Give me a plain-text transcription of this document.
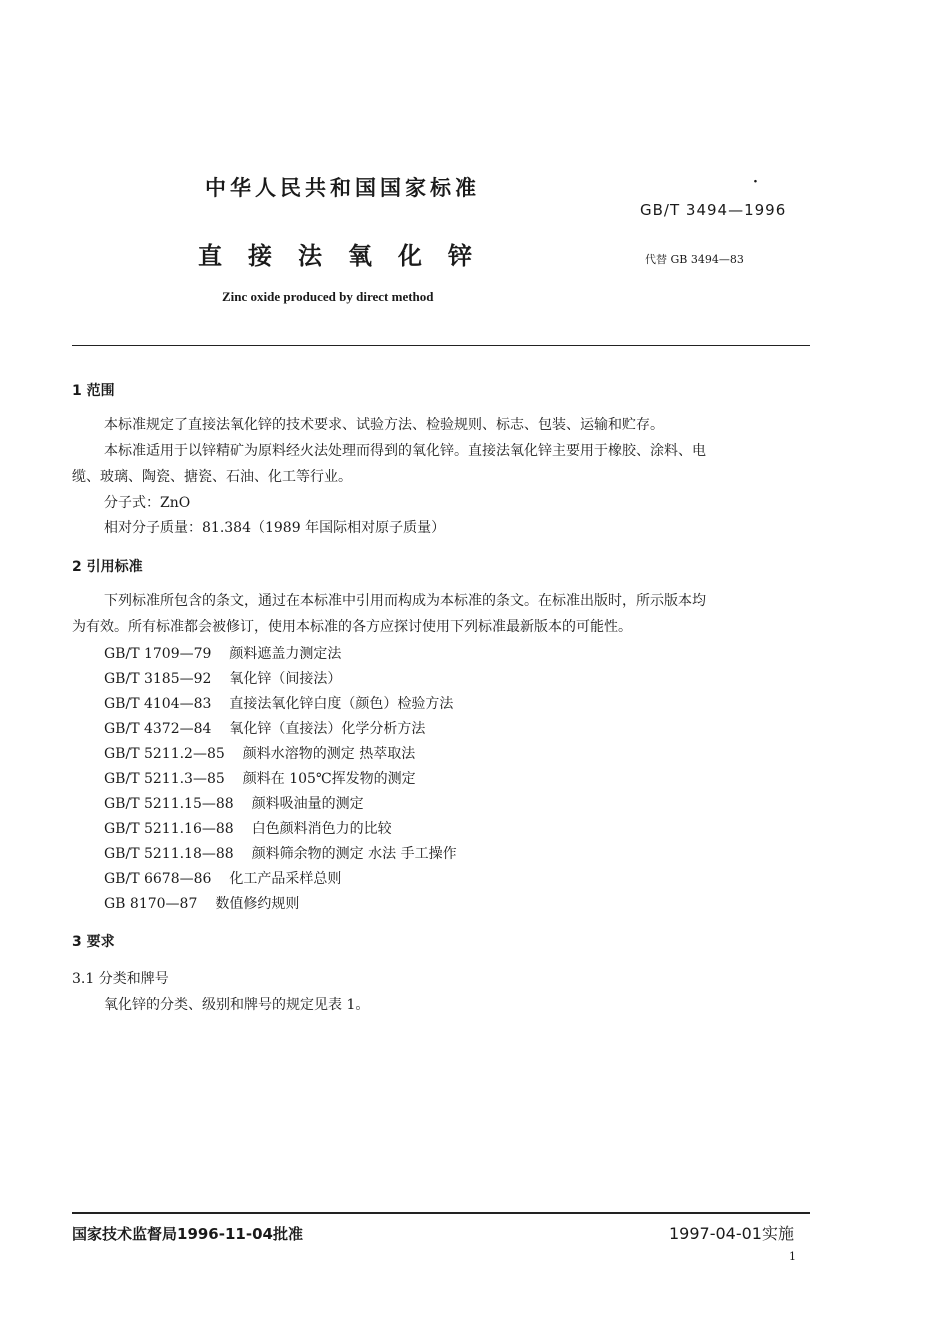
中华人民共和国国家标准	·
GB/T 3494—1996
直接法氧化锌	代替 GB 3494—83
Zinc oxide produced by direct method
1 范围
本标准规定了直接法氧化锌的技术要求、试验方法、检验规则、标志、包装、运输和贮存。
本标准适用于以锌精矿为原料经火法处理而得到的氧化锌。直接法氧化锌主要用于橡胶、涂料、电
缆、玻璃、陶瓷、搪瓷、石油、化工等行业。
分子式：ZnO
相对分子质量：81.384（1989 年国际相对原子质量）
2 引用标准
下列标准所包含的条文，通过在本标准中引用而构成为本标准的条文。在标准出版时，所示版本均
为有效。所有标准都会被修订，使用本标准的各方应探讨使用下列标准最新版本的可能性。
GB/T 1709—79 颜料遮盖力测定法
GB/T 3185—92 氧化锌（间接法）
GB/T 4104—83 直接法氧化锌白度（颜色）检验方法
GB/T 4372—84 氧化锌（直接法）化学分析方法
GB/T 5211.2—85 颜料水溶物的测定 热萃取法
GB/T 5211.3—85 颜料在 105℃挥发物的测定
GB/T 5211.15—88 颜料吸油量的测定
GB/T 5211.16—88 白色颜料消色力的比较
GB/T 5211.18—88 颜料筛余物的测定 水法 手工操作
GB/T 6678—86 化工产品采样总则
GB 8170—87 数值修约规则
3 要求
3.1 分类和牌号
氧化锌的分类、级别和牌号的规定见表 1。
国家技术监督局1996-11-04批准	1997-04-01实施
1
